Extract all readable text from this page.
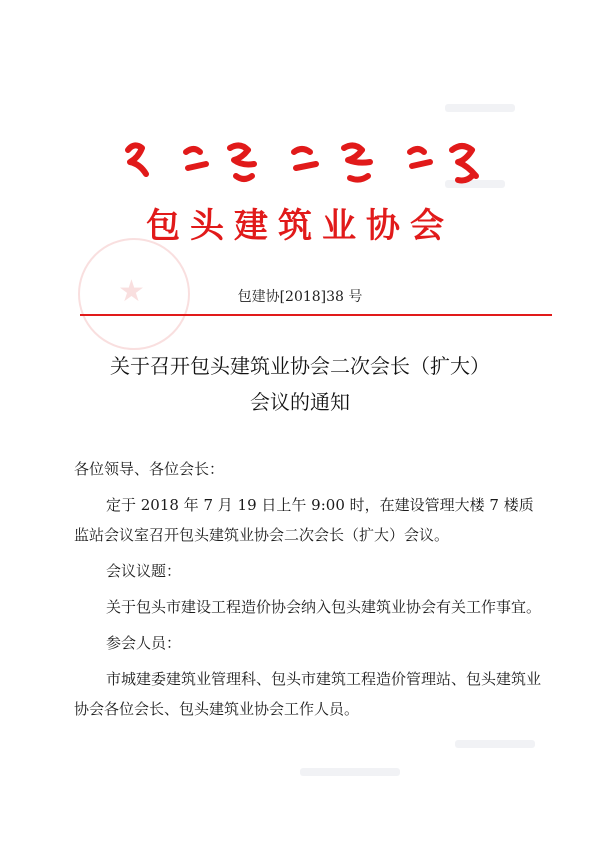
★
包头建筑业协会
包建协[2018]38 号
关于召开包头建筑业协会二次会长（扩大）
会议的通知

各位领导、各位会长：

定于 2018 年 7 月 19 日上午 9:00 时，在建设管理大楼 7 楼质监站会议室召开包头建筑业协会二次会长（扩大）会议。

会议议题：

关于包头市建设工程造价协会纳入包头建筑业协会有关工作事宜。

参会人员：

市城建委建筑业管理科、包头市建筑工程造价管理站、包头建筑业协会各位会长、包头建筑业协会工作人员。
